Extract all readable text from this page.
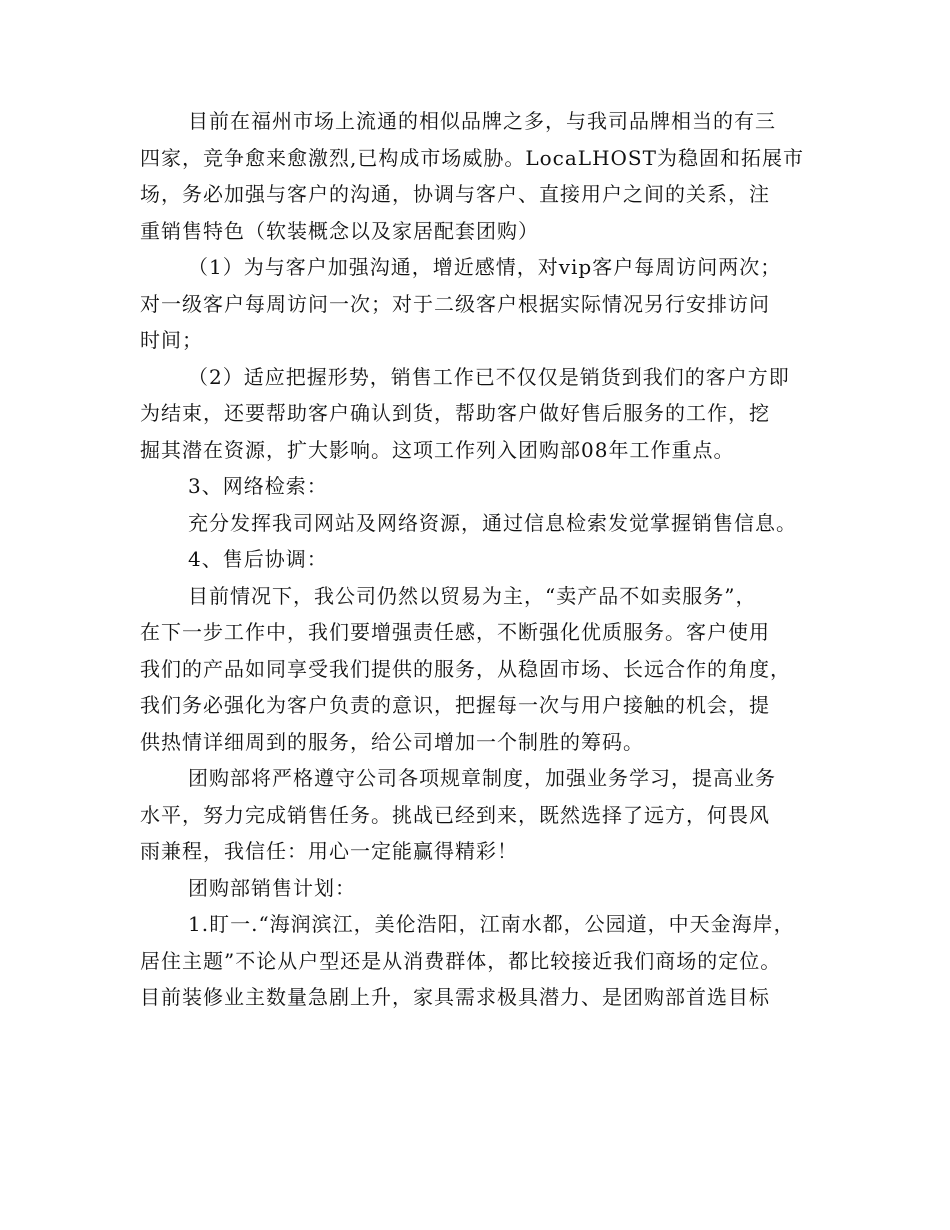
目前在福州市场上流通的相似品牌之多，与我司品牌相当的有三
四家，竞争愈来愈激烈,已构成市场威胁。LocaLHOST为稳固和拓展市
场，务必加强与客户的沟通，协调与客户、直接用户之间的关系，注
重销售特色（软装概念以及家居配套团购）
（1）为与客户加强沟通，增近感情，对vip客户每周访问两次；
对一级客户每周访问一次；对于二级客户根据实际情况另行安排访问
时间；
（2）适应把握形势，销售工作已不仅仅是销货到我们的客户方即
为结束，还要帮助客户确认到货，帮助客户做好售后服务的工作，挖
掘其潜在资源，扩大影响。这项工作列入团购部08年工作重点。
3、网络检索：
充分发挥我司网站及网络资源，通过信息检索发觉掌握销售信息。
4、售后协调：
目前情况下，我公司仍然以贸易为主，“卖产品不如卖服务”，
在下一步工作中，我们要增强责任感，不断强化优质服务。客户使用
我们的产品如同享受我们提供的服务，从稳固市场、长远合作的角度，
我们务必强化为客户负责的意识，把握每一次与用户接触的机会，提
供热情详细周到的服务，给公司增加一个制胜的筹码。
团购部将严格遵守公司各项规章制度，加强业务学习，提高业务
水平，努力完成销售任务。挑战已经到来，既然选择了远方，何畏风
雨兼程，我信任：用心一定能赢得精彩！
团购部销售计划：
1.盯一.“海润滨江，美伦浩阳，江南水都，公园道，中天金海岸，
居住主题”不论从户型还是从消费群体，都比较接近我们商场的定位。
目前装修业主数量急剧上升，家具需求极具潜力、是团购部首选目标
